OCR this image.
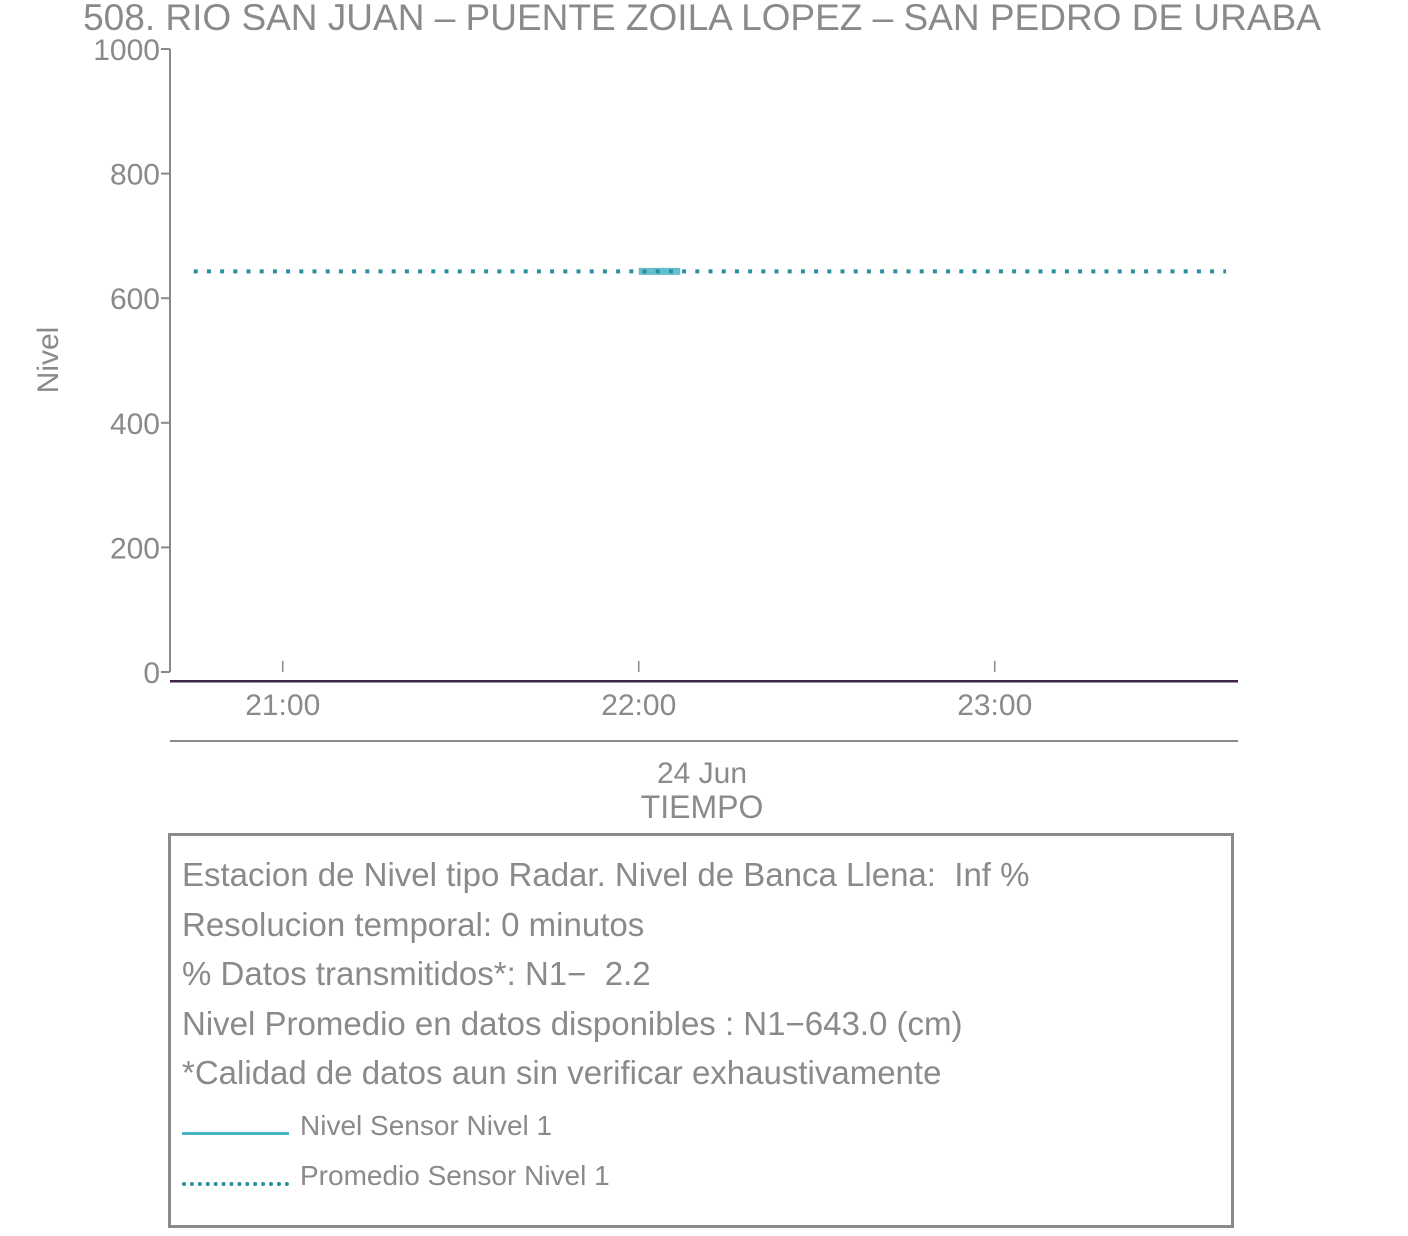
508. RIO SAN JUAN – PUENTE ZOILA LOPEZ – SAN PEDRO DE URABA
0
200
400
600
800
1000
21:00	22:00	23:00
Nivel
24 Jun
TIEMPO
Estacion de Nivel tipo Radar. Nivel de Banca Llena:  Inf %
Resolucion temporal: 0 minutos
% Datos transmitidos*: N1−  2.2
Nivel Promedio en datos disponibles : N1−643.0 (cm)
*Calidad de datos aun sin verificar exhaustivamente
Nivel Sensor Nivel 1
Promedio Sensor Nivel 1
